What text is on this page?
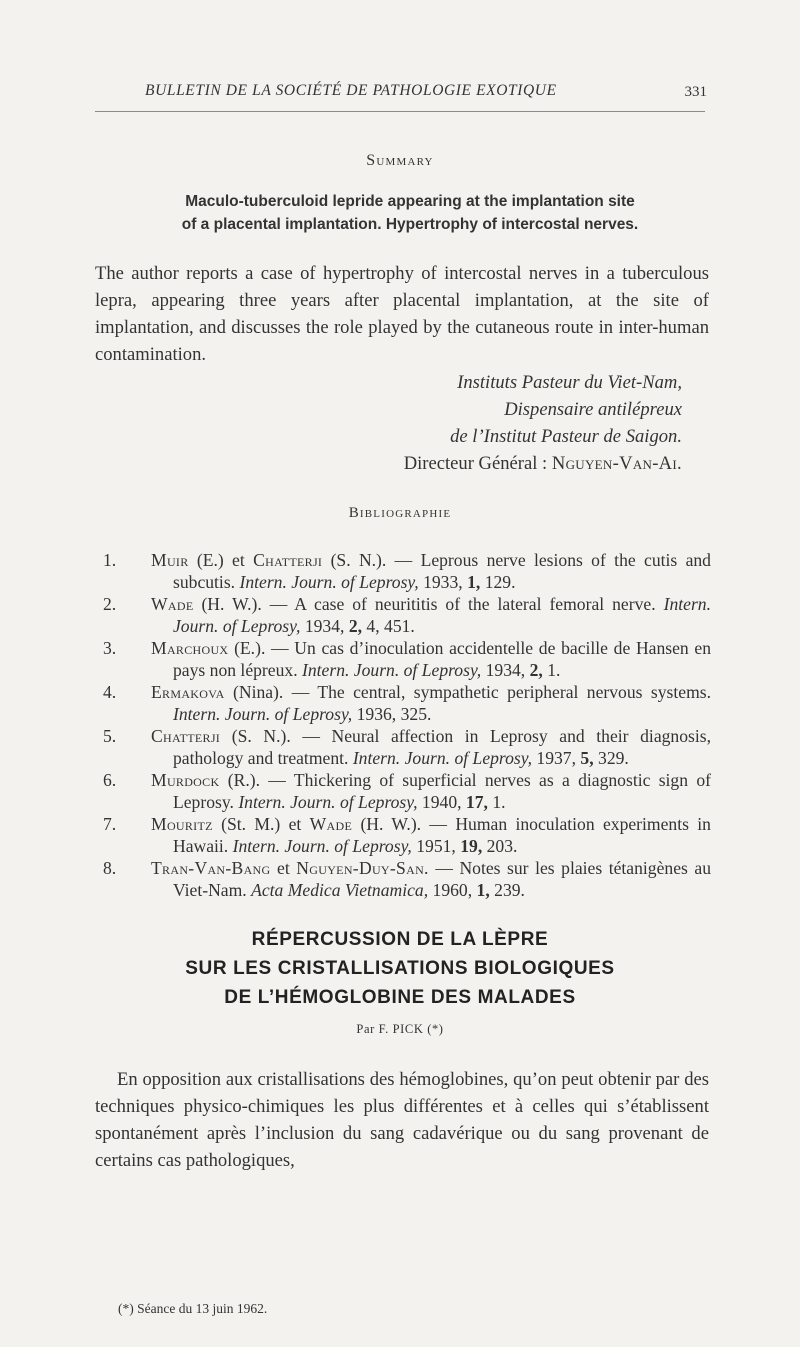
BULLETIN DE LA SOCIÉTÉ DE PATHOLOGIE EXOTIQUE	331
Summary
Maculo-tuberculoid lepride appearing at the implantation site
of a placental implantation. Hypertrophy of intercostal nerves.
The author reports a case of hypertrophy of intercostal nerves in a tuberculous lepra, appearing three years after placental implantation, at the site of implantation, and discusses the role played by the cutaneous route in inter-human contamination.
Instituts Pasteur du Viet-Nam,
Dispensaire antilépreux
de l’Institut Pasteur de Saigon.
Directeur Général : Nguyen-Van-Ai.
Bibliographie
1. Muir (E.) et Chatterji (S. N.). — Leprous nerve lesions of the cutis and subcutis. Intern. Journ. of Leprosy, 1933, 1, 129.
2. Wade (H. W.). — A case of neurititis of the lateral femoral nerve. Intern. Journ. of Leprosy, 1934, 2, 4, 451.
3. Marchoux (E.). — Un cas d’inoculation accidentelle de bacille de Hansen en pays non lépreux. Intern. Journ. of Leprosy, 1934, 2, 1.
4. Ermakova (Nina). — The central, sympathetic peripheral nervous systems. Intern. Journ. of Leprosy, 1936, 325.
5. Chatterji (S. N.). — Neural affection in Leprosy and their diagnosis, pathology and treatment. Intern. Journ. of Leprosy, 1937, 5, 329.
6. Murdock (R.). — Thickering of superficial nerves as a diagnostic sign of Leprosy. Intern. Journ. of Leprosy, 1940, 17, 1.
7. Mouritz (St. M.) et Wade (H. W.). — Human inoculation experiments in Hawaii. Intern. Journ. of Leprosy, 1951, 19, 203.
8. Tran-Van-Bang et Nguyen-Duy-San. — Notes sur les plaies tétanigènes au Viet-Nam. Acta Medica Vietnamica, 1960, 1, 239.
RÉPERCUSSION DE LA LÈPRE
SUR LES CRISTALLISATIONS BIOLOGIQUES
DE L’HÉMOGLOBINE DES MALADES
Par F. PICK (*)
En opposition aux cristallisations des hémoglobines, qu’on peut obtenir par des techniques physico-chimiques les plus différentes et à celles qui s’établissent spontanément après l’inclusion du sang cadavérique ou du sang provenant de certains cas pathologiques,
(*) Séance du 13 juin 1962.
